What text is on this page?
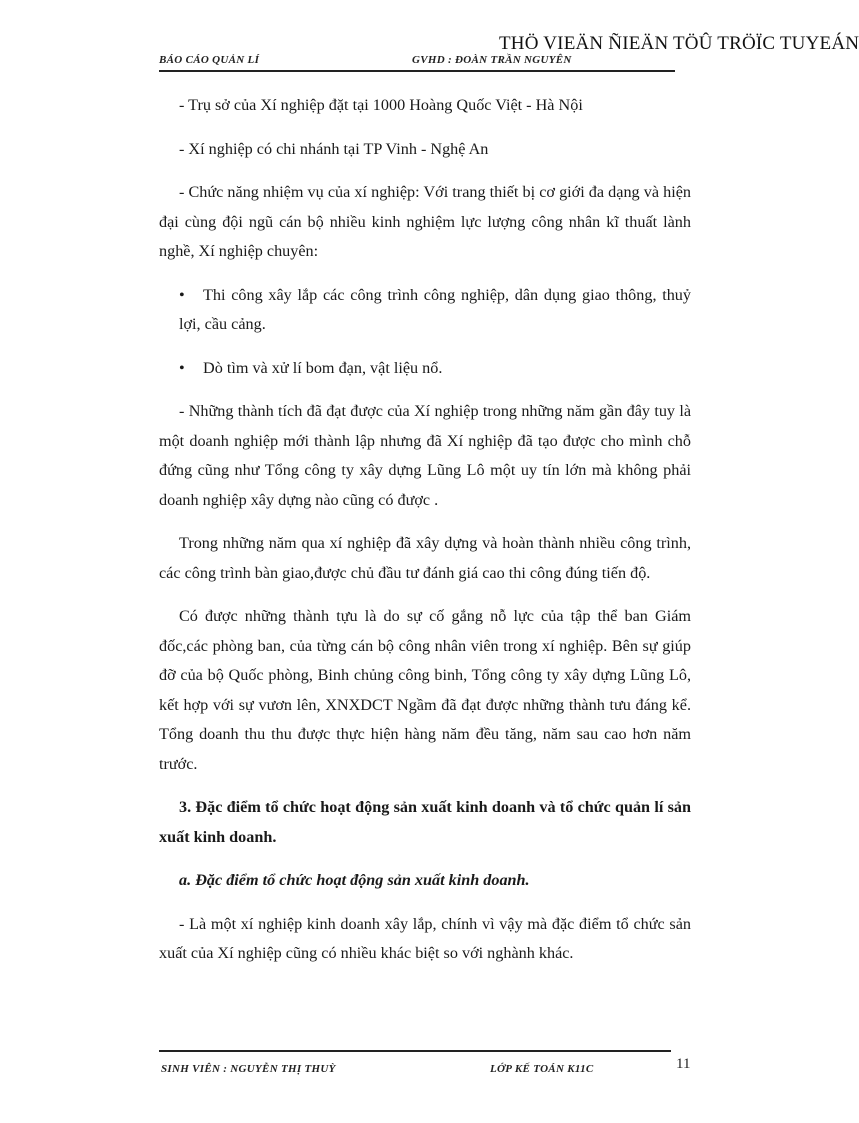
THÖ VIEÄN ÑIEÄN TÖÛ TRÖÏC TUYEÁN
BÁO CÁO QUẢN LÍ	GVHD : ĐOÀN TRẦN NGUYÊN

- Trụ sở của Xí nghiệp đặt tại 1000 Hoàng Quốc Việt - Hà Nội

- Xí nghiệp có chi nhánh tại TP Vinh - Nghệ An

- Chức năng nhiệm vụ của xí nghiệp: Với trang thiết bị cơ giới đa dạng và hiện đại cùng đội ngũ cán bộ nhiều kinh nghiệm lực lượng công nhân kĩ thuất lành nghề, Xí nghiệp chuyên:

•	Thi công xây lắp các công trình công nghiệp, dân dụng giao thông, thuỷ lợi, cầu cảng.

•	Dò tìm và xử lí bom đạn, vật liệu nổ.

- Những thành tích đã đạt được của Xí nghiệp trong những năm gần đây tuy là một doanh nghiệp mới thành lập nhưng đã Xí nghiệp đã tạo được cho mình chỗ đứng cũng như Tổng công ty xây dựng Lũng Lô một uy tín lớn mà không phải doanh nghiệp xây dựng nào cũng có được .

Trong những năm qua xí nghiệp đã xây dựng và hoàn thành nhiều công trình, các công trình bàn giao,được chủ đầu tư đánh giá cao thi công đúng tiến độ.

Có được những thành tựu là do sự cố gắng nỗ lực của tập thể ban Giám đốc,các phòng ban, của từng cán bộ công nhân viên trong xí nghiệp. Bên sự giúp đỡ của bộ Quốc phòng, Binh chủng công binh, Tổng công ty xây dựng Lũng Lô, kết hợp với sự vươn lên, XNXDCT Ngầm đã đạt được những thành tưu đáng kể. Tổng doanh thu thu được thực hiện hàng năm đều tăng, năm sau cao hơn năm trước.

3. Đặc điểm tổ chức hoạt động sản xuất kinh doanh và tổ chức quản lí sản xuất kinh doanh.

a. Đặc điểm tổ chức hoạt động sản xuất kinh doanh.

- Là một xí nghiệp kinh doanh xây lắp, chính vì vậy mà đặc điểm tổ chức sản xuất của Xí nghiệp cũng có nhiều khác biệt so với nghành khác.

SINH VIÊN : NGUYỄN THỊ THUỲ	LỚP KẾ TOÁN K11C	11
